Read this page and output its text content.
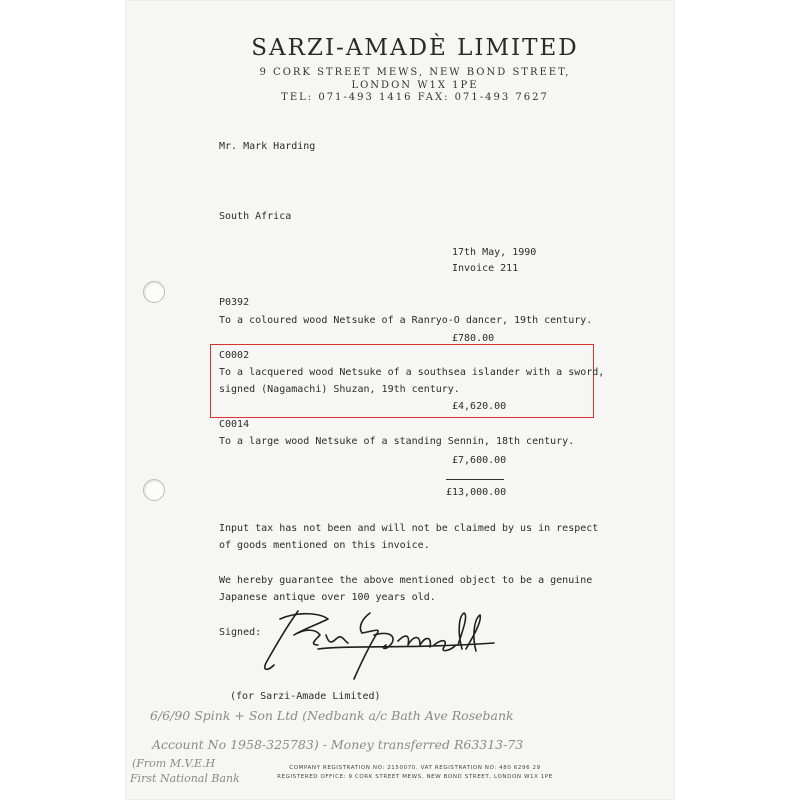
SARZI-AMADÈ LIMITED
9 CORK STREET MEWS, NEW BOND STREET,
LONDON W1X 1PE
TEL: 071-493 1416 FAX: 071-493 7627
Mr. Mark Harding
South Africa
17th May, 1990
Invoice 211
P0392
To a coloured wood Netsuke of a Ranryo-O dancer, 19th century.
£780.00
C0002
To a lacquered wood Netsuke of a southsea islander with a sword,
signed (Nagamachi) Shuzan, 19th century.
£4,620.00
C0014
To a large wood Netsuke of a standing Sennin, 18th century.
£7,600.00
£13,000.00
Input tax has not been and will not be claimed by us in respect
of goods mentioned on this invoice.
We hereby guarantee the above mentioned object to be a genuine
Japanese antique over 100 years old.
Signed:
(for Sarzi-Amade Limited)
6/6/90 Spink + Son Ltd (Nedbank a/c Bath Ave Rosebank
Account No 1958-325783) - Money transferred R63313-73
(From M.V.E.H
First National Bank
COMPANY REGISTRATION NO: 2150070. VAT REGISTRATION NO: 480 6296 29
REGISTERED OFFICE: 9 CORK STREET MEWS, NEW BOND STREET, LONDON W1X 1PE
